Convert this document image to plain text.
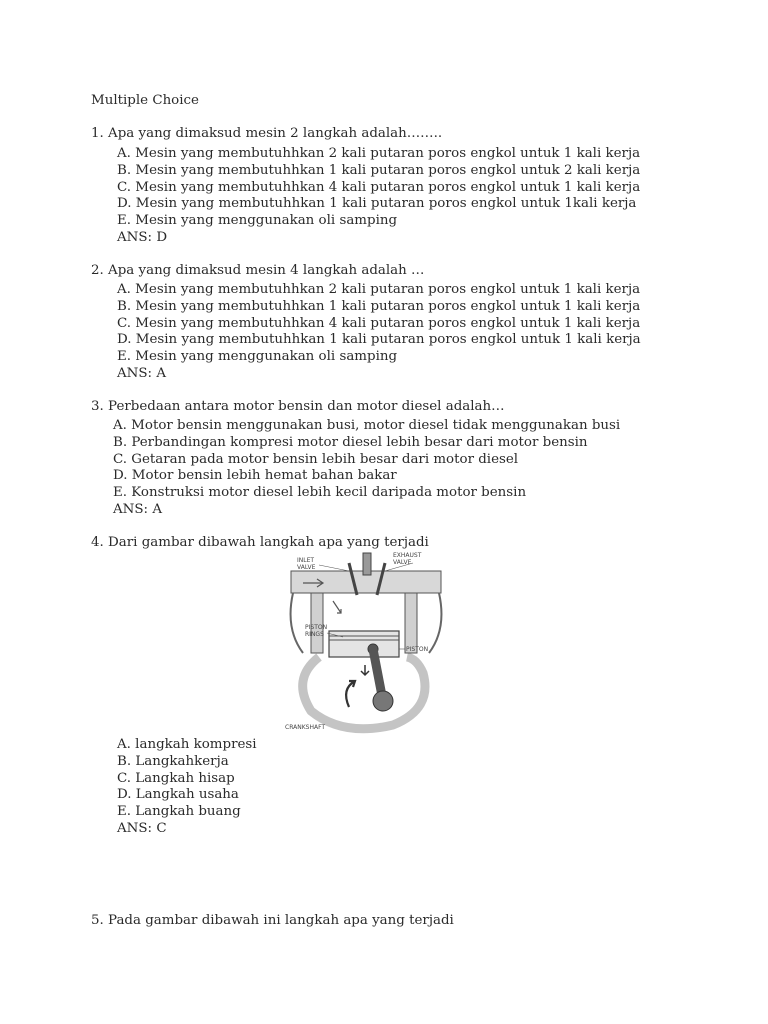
Multiple Choice
1. Apa yang dimaksud mesin 2 langkah adalah……..
A. Mesin yang membutuhhkan 2 kali putaran poros engkol untuk 1 kali kerja
B. Mesin yang membutuhhkan 1 kali putaran poros engkol untuk 2 kali kerja
C. Mesin yang membutuhhkan 4 kali putaran poros engkol untuk 1 kali kerja
D. Mesin yang membutuhhkan 1 kali putaran poros engkol untuk 1kali kerja
E. Mesin yang menggunakan oli samping
ANS: D
2. Apa yang dimaksud mesin 4 langkah adalah …
A. Mesin yang membutuhhkan 2 kali putaran poros engkol untuk 1 kali kerja
B. Mesin yang membutuhhkan 1 kali putaran poros engkol untuk 1 kali kerja
C. Mesin yang membutuhhkan 4 kali putaran poros engkol untuk 1 kali kerja
D. Mesin yang membutuhhkan 1 kali putaran poros engkol untuk 1 kali kerja
E. Mesin yang menggunakan oli samping
ANS: A
3. Perbedaan antara motor bensin dan motor diesel adalah…
A. Motor bensin menggunakan busi, motor diesel tidak menggunakan busi
B. Perbandingan kompresi motor diesel lebih besar dari motor bensin
C. Getaran pada motor bensin lebih besar dari motor diesel
D. Motor bensin lebih hemat bahan bakar
E. Konstruksi motor diesel lebih kecil daripada motor bensin
ANS: A
4. Dari gambar dibawah langkah apa yang terjadi
INLET
VALVE
EXHAUST
VALVE
PISTON
RINGS
PISTON
CRANKSHAFT
A. langkah kompresi
B. Langkahkerja
C. Langkah hisap
D. Langkah usaha
E. Langkah buang
ANS: C
5. Pada gambar dibawah ini langkah apa yang terjadi
